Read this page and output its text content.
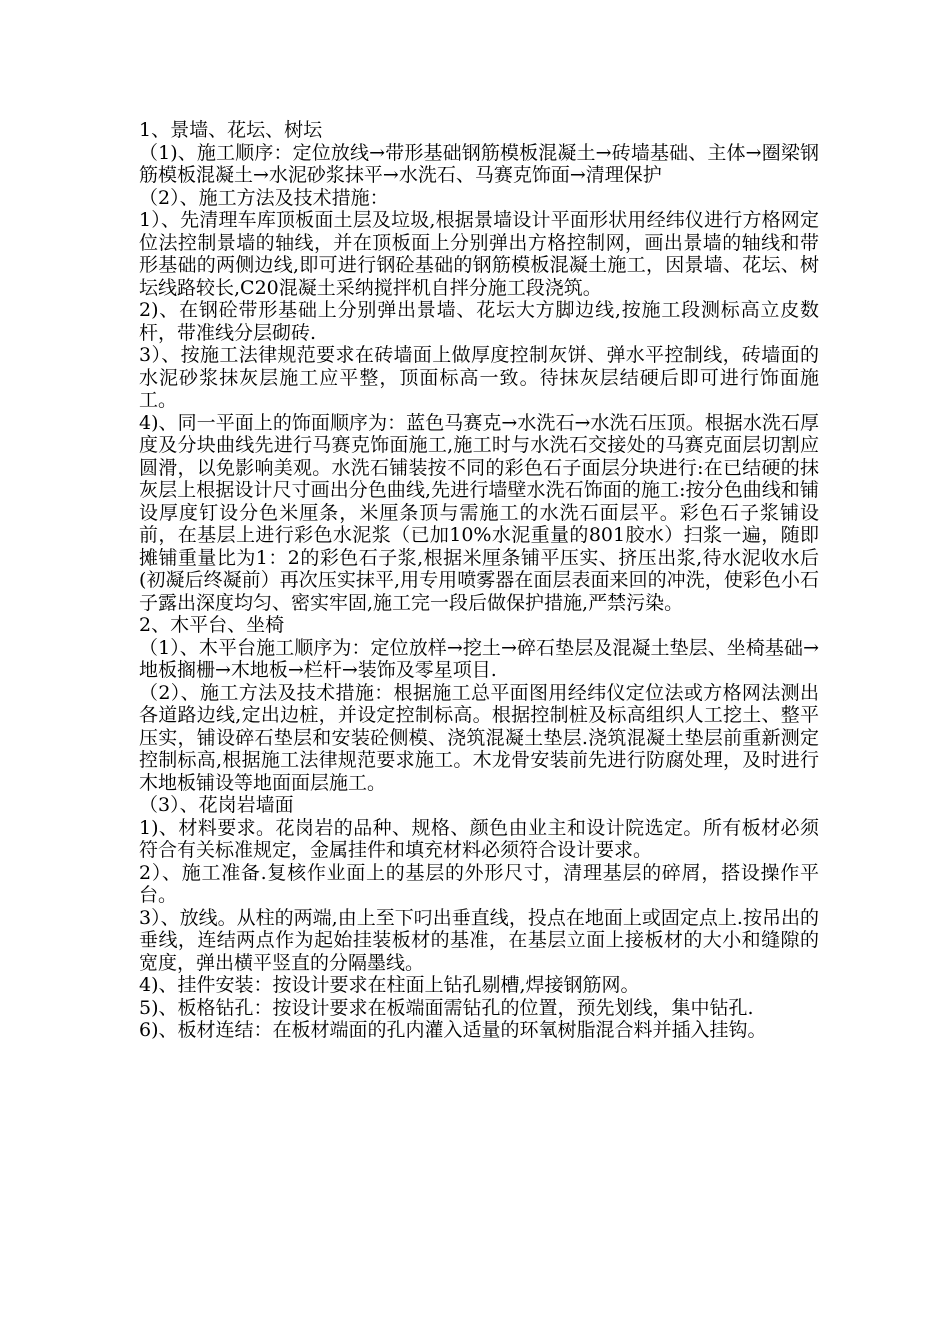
1、景墙、花坛、树坛

（1)、施工顺序：定位放线→带形基础钢筋模板混凝土→砖墙基础、主体→圈梁钢筋模板混凝土→水泥砂浆抹平→水洗石、马赛克饰面→清理保护

（2）、施工方法及技术措施：

1）、先清理车库顶板面土层及垃圾,根据景墙设计平面形状用经纬仪进行方格网定位法控制景墙的轴线，并在顶板面上分别弹出方格控制网，画出景墙的轴线和带形基础的两侧边线,即可进行钢砼基础的钢筋模板混凝土施工，因景墙、花坛、树坛线路较长,C20混凝土采纳搅拌机自拌分施工段浇筑。

2)、在钢砼带形基础上分别弹出景墙、花坛大方脚边线,按施工段测标高立皮数杆，带准线分层砌砖.

3）、按施工法律规范要求在砖墙面上做厚度控制灰饼、弹水平控制线，砖墙面的水泥砂浆抹灰层施工应平整，顶面标高一致。待抹灰层结硬后即可进行饰面施工。

4)、同一平面上的饰面顺序为：蓝色马赛克→水洗石→水洗石压顶。根据水洗石厚度及分块曲线先进行马赛克饰面施工,施工时与水洗石交接处的马赛克面层切割应圆滑，以免影响美观。水洗石铺装按不同的彩色石子面层分块进行:在已结硬的抹灰层上根据设计尺寸画出分色曲线,先进行墙壁水洗石饰面的施工:按分色曲线和铺设厚度钉设分色米厘条，米厘条顶与需施工的水洗石面层平。彩色石子浆铺设前，在基层上进行彩色水泥浆（已加10%水泥重量的801胶水）扫浆一遍，随即摊铺重量比为1：2的彩色石子浆,根据米厘条铺平压实、挤压出浆,待水泥收水后(初凝后终凝前）再次压实抹平,用专用喷雾器在面层表面来回的冲洗，使彩色小石子露出深度均匀、密实牢固,施工完一段后做保护措施,严禁污染。

2、木平台、坐椅

（1）、木平台施工顺序为：定位放样→挖土→碎石垫层及混凝土垫层、坐椅基础→地板搁栅→木地板→栏杆→装饰及零星项目.

（2）、施工方法及技术措施：根据施工总平面图用经纬仪定位法或方格网法测出各道路边线,定出边桩，并设定控制标高。根据控制桩及标高组织人工挖土、整平压实，铺设碎石垫层和安装砼侧模、浇筑混凝土垫层.浇筑混凝土垫层前重新测定控制标高,根据施工法律规范要求施工。木龙骨安装前先进行防腐处理，及时进行木地板铺设等地面面层施工。

（3）、花岗岩墙面

1)、材料要求。花岗岩的品种、规格、颜色由业主和设计院选定。所有板材必须符合有关标准规定，金属挂件和填充材料必须符合设计要求。

2）、施工准备.复核作业面上的基层的外形尺寸，清理基层的碎屑，搭设操作平台。

3）、放线。从柱的两端,由上至下叼出垂直线，投点在地面上或固定点上.按吊出的垂线，连结两点作为起始挂装板材的基准，在基层立面上接板材的大小和缝隙的宽度，弹出横平竖直的分隔墨线。

4)、挂件安装：按设计要求在柱面上钻孔剔槽,焊接钢筋网。

5)、板格钻孔：按设计要求在板端面需钻孔的位置，预先划线，集中钻孔.

6)、板材连结：在板材端面的孔内灌入适量的环氧树脂混合料并插入挂钩。
